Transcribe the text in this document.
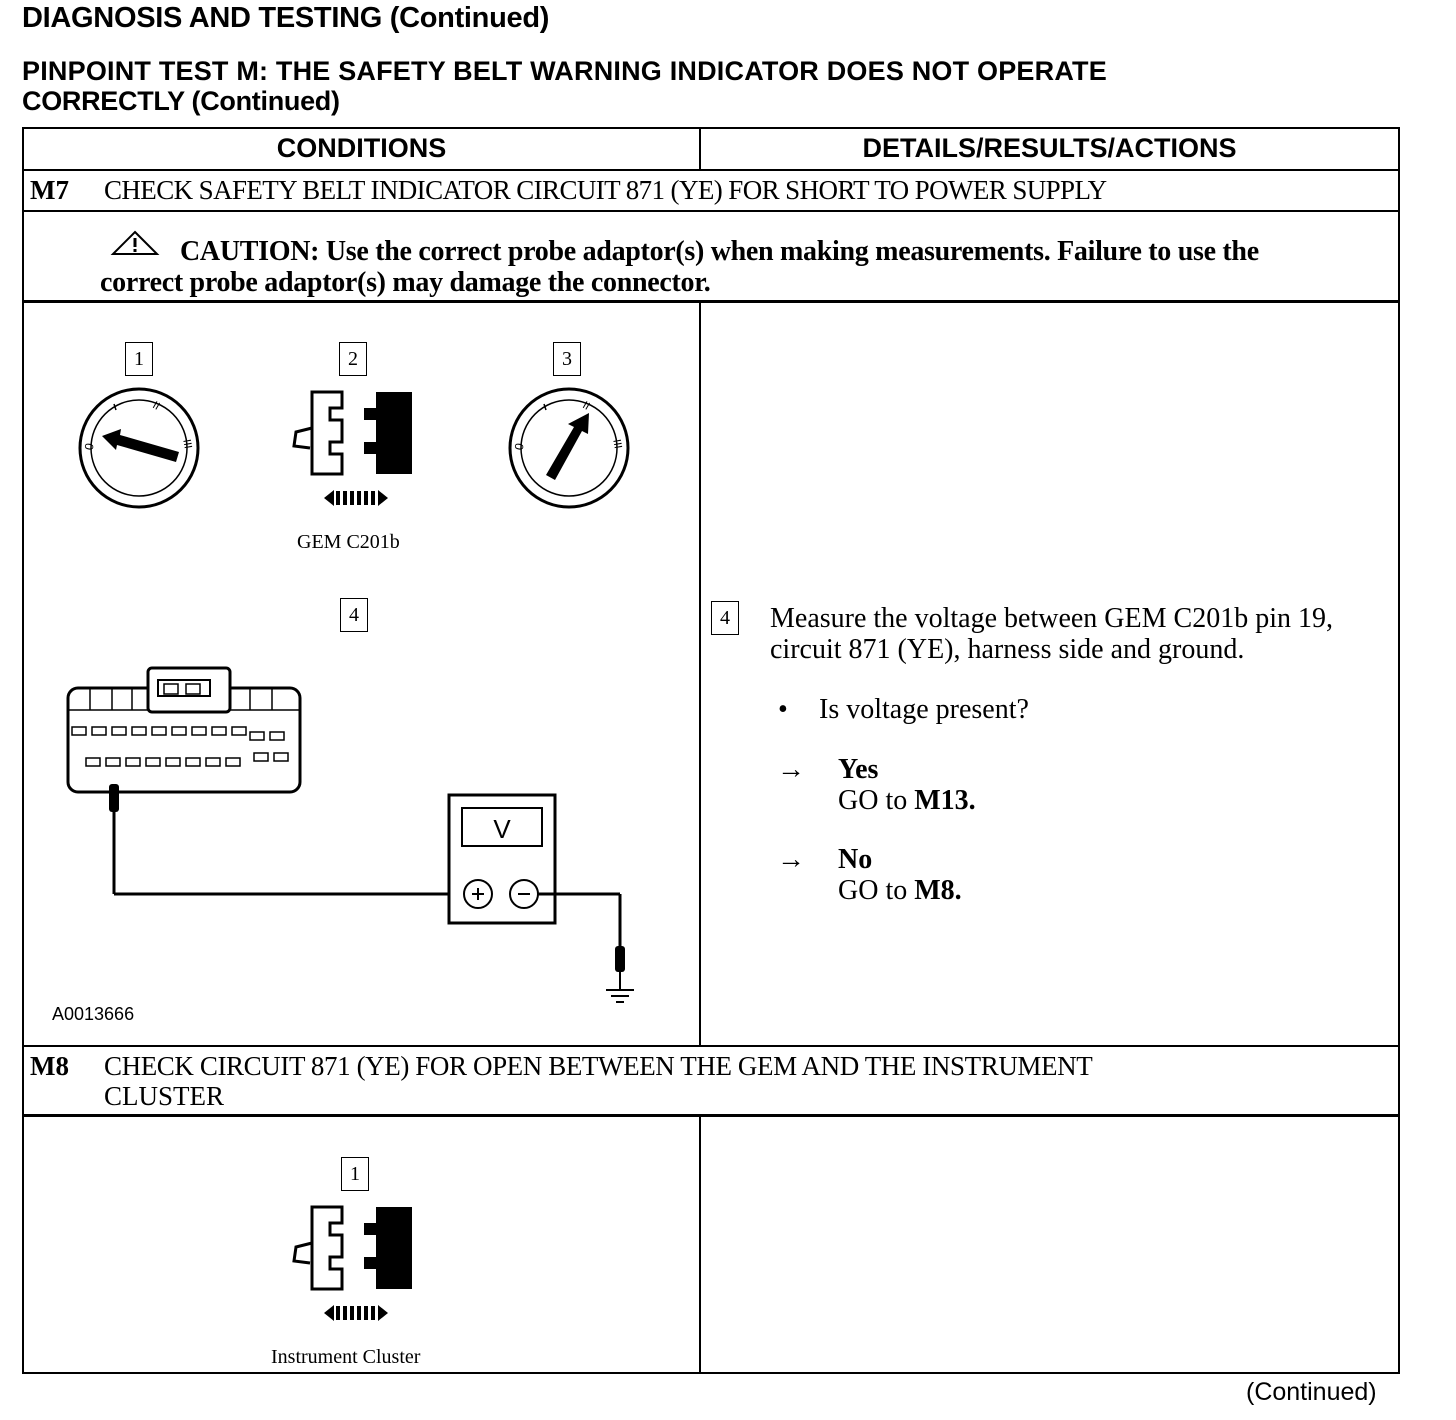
DIAGNOSIS AND TESTING (Continued)
PINPOINT TEST M: THE SAFETY BELT WARNING INDICATOR DOES NOT OPERATE
CORRECTLY (Continued)
CONDITIONS	DETAILS/RESULTS/ACTIONS
M7 CHECK SAFETY BELT INDICATOR CIRCUIT 871 (YE) FOR SHORT TO POWER SUPPLY
CAUTION: Use the correct probe adaptor(s) when making measurements. Failure to use the
correct probe adaptor(s) may damage the connector.
1	2	3
4
0
II
III	0
II
III
GEM C201b
V
A0013666
4	Measure the voltage between GEM C201b pin 19,
circuit 871 (YE), harness side and ground.
• Is voltage present?
→ Yes
GO to M13.
→ No
GO to M8.
M8 CHECK CIRCUIT 871 (YE) FOR OPEN BETWEEN THE GEM AND THE INSTRUMENT
CLUSTER
1
Instrument Cluster
(Continued)
